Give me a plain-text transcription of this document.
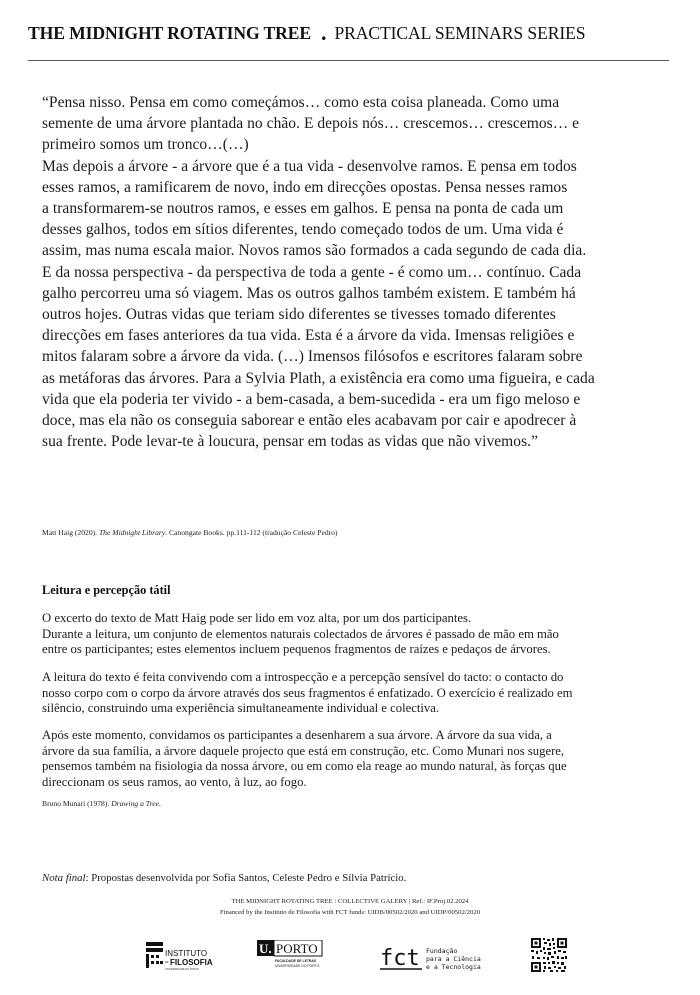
THE MIDNIGHT ROTATING TREE . PRACTICAL SEMINARS SERIES

“Pensa nisso. Pensa em como começámos… como esta coisa planeada. Como uma

semente de uma árvore plantada no chão. E depois nós… crescemos… crescemos… e

primeiro somos um tronco…(…)

Mas depois a árvore - a árvore que é a tua vida - desenvolve ramos. E pensa em todos

esses ramos, a ramificarem de novo, indo em direcções opostas. Pensa nesses ramos

a transformarem-se noutros ramos, e esses em galhos. E pensa na ponta de cada um

desses galhos, todos em sítios diferentes, tendo começado todos de um. Uma vida é

assim, mas numa escala maior. Novos ramos são formados a cada segundo de cada dia.

E da nossa perspectiva - da perspectiva de toda a gente - é como um… contínuo. Cada

galho percorreu uma só viagem. Mas os outros galhos também existem. E também há

outros hojes. Outras vidas que teriam sido diferentes se tivesses tomado diferentes

direcções em fases anteriores da tua vida. Esta é a árvore da vida. Imensas religiões e

mitos falaram sobre a árvore da vida. (…) Imensos filósofos e escritores falaram sobre

as metáforas das árvores. Para a Sylvia Plath, a existência era como uma figueira, e cada

vida que ela poderia ter vivido - a bem-casada, a bem-sucedida - era um figo meloso e

doce, mas ela não os conseguia saborear e então eles acabavam por cair e apodrecer à

sua frente. Pode levar-te à loucura, pensar em todas as vidas que não vivemos.”

Matt Haig (2020). The Midnight Library. Canongate Books. pp.111-112 (tradução Celeste Pedro)
Leitura e percepção tátil

O excerto do texto de Matt Haig pode ser lido em voz alta, por um dos participantes.

Durante a leitura, um conjunto de elementos naturais colectados de árvores é passado de mão em mão

entre os participantes; estes elementos incluem pequenos fragmentos de raízes e pedaços de árvores.

A leitura do texto é feita convivendo com a introspecção e a percepção sensível do tacto: o contacto do

nosso corpo com o corpo da árvore através dos seus fragmentos é enfatizado. O exercício é realizado em

silêncio, construindo uma experiência simultaneamente individual e colectiva.

Após este momento, convidamos os participantes a desenharem a sua árvore. A árvore da sua vida, a

árvore da sua família, a árvore daquele projecto que está em construção, etc. Como Munari nos sugere,

pensemos também na fisiologia da nossa árvore, ou em como ela reage ao mundo natural, às forças que

direccionam os seus ramos, ao vento, à luz, ao fogo.

Bruno Munari (1978). Drawing a Tree.
Nota final: Propostas desenvolvida por Sofia Santos, Celeste Pedro e Sílvia Patrício.
THE MIDNIGHT ROTATING TREE : COLLECTIVE GALERY | Ref.: IF.Proj.02.2024
Financed by the Instituto de Filosofia with FCT funds: UIDB/00502/2020 and UIDP/00502/2020
INSTITUTO
DE FILOSOFIA
UNIVERSIDADE DO PORTO
U. PORTO
FACULDADE DE LETRAS
UNIVERSIDADE DO PORTO	fct Fundação
para a Ciência
e a Tecnologia
